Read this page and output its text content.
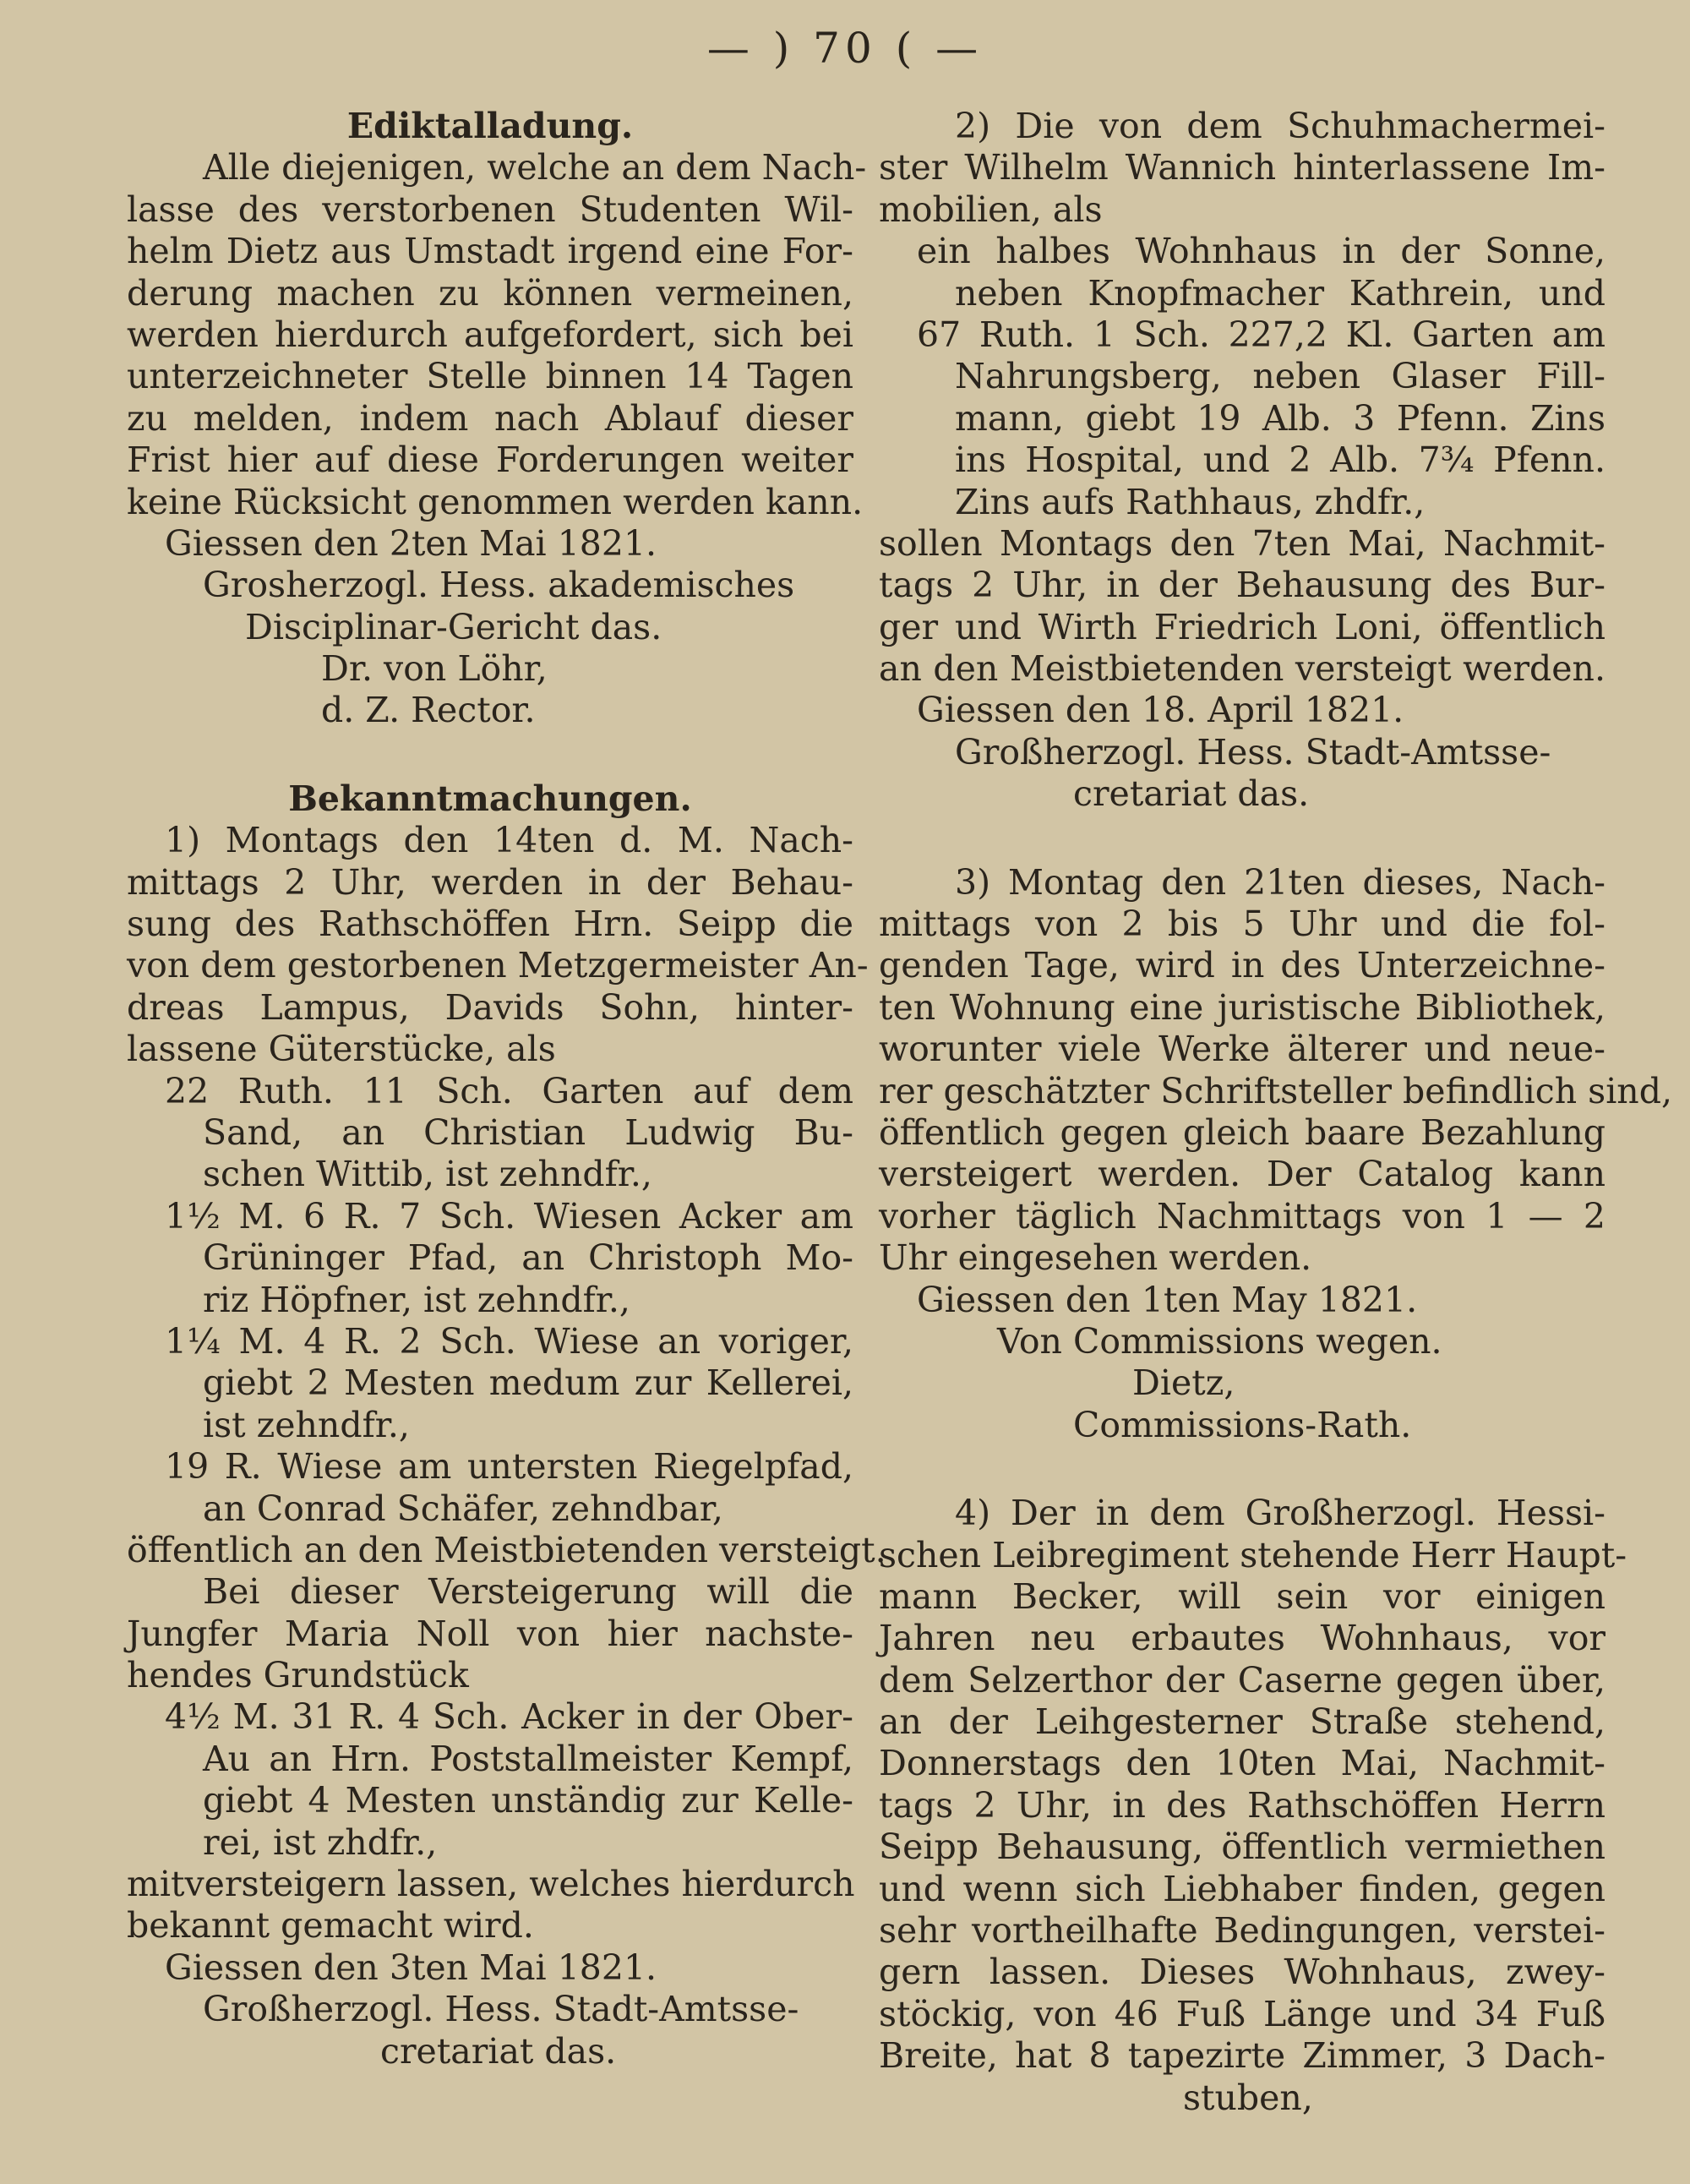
— ) 70 ( —
Ediktalladung.
Alle diejenigen, welche an dem Nach-
lasse des verstorbenen Studenten Wil-
helm Dietz aus Umstadt irgend eine For-
derung machen zu können vermeinen,
werden hierdurch aufgefordert, sich bei
unterzeichneter Stelle binnen 14 Tagen
zu melden, indem nach Ablauf dieser
Frist hier auf diese Forderungen weiter
keine Rücksicht genommen werden kann.
Giessen den 2ten Mai 1821.
Grosherzogl. Hess. akademisches
Disciplinar-Gericht das.
Dr. von Löhr,
d. Z. Rector.
Bekanntmachungen.
1) Montags den 14ten d. M. Nach-
mittags 2 Uhr, werden in der Behau-
sung des Rathschöffen Hrn. Seipp die
von dem gestorbenen Metzgermeister An-
dreas Lampus, Davids Sohn, hinter-
lassene Güterstücke, als
22 Ruth. 11 Sch. Garten auf dem
Sand, an Christian Ludwig Bu-
schen Wittib, ist zehndfr.,
1½ M. 6 R. 7 Sch. Wiesen Acker am
Grüninger Pfad, an Christoph Mo-
riz Höpfner, ist zehndfr.,
1¼ M. 4 R. 2 Sch. Wiese an voriger,
giebt 2 Mesten medum zur Kellerei,
ist zehndfr.,
19 R. Wiese am untersten Riegelpfad,
an Conrad Schäfer, zehndbar,
öffentlich an den Meistbietenden versteigt.
Bei dieser Versteigerung will die
Jungfer Maria Noll von hier nachste-
hendes Grundstück
4½ M. 31 R. 4 Sch. Acker in der Ober-
Au an Hrn. Poststallmeister Kempf,
giebt 4 Mesten unständig zur Kelle-
rei, ist zhdfr.,
mitversteigern lassen, welches hierdurch
bekannt gemacht wird.
Giessen den 3ten Mai 1821.
Großherzogl. Hess. Stadt-Amtsse-
cretariat das.
2) Die von dem Schuhmachermei-
ster Wilhelm Wannich hinterlassene Im-
mobilien, als
ein halbes Wohnhaus in der Sonne,
neben Knopfmacher Kathrein, und
67 Ruth. 1 Sch. 227,2 Kl. Garten am
Nahrungsberg, neben Glaser Fill-
mann, giebt 19 Alb. 3 Pfenn. Zins
ins Hospital, und 2 Alb. 7¾ Pfenn.
Zins aufs Rathhaus, zhdfr.,
sollen Montags den 7ten Mai, Nachmit-
tags 2 Uhr, in der Behausung des Bur-
ger und Wirth Friedrich Loni, öffentlich
an den Meistbietenden versteigt werden.
Giessen den 18. April 1821.
Großherzogl. Hess. Stadt-Amtsse-
cretariat das.
3) Montag den 21ten dieses, Nach-
mittags von 2 bis 5 Uhr und die fol-
genden Tage, wird in des Unterzeichne-
ten Wohnung eine juristische Bibliothek,
worunter viele Werke älterer und neue-
rer geschätzter Schriftsteller befindlich sind,
öffentlich gegen gleich baare Bezahlung
versteigert werden. Der Catalog kann
vorher täglich Nachmittags von 1 — 2
Uhr eingesehen werden.
Giessen den 1ten May 1821.
Von Commissions wegen.
Dietz,
Commissions-Rath.
4) Der in dem Großherzogl. Hessi-
schen Leibregiment stehende Herr Haupt-
mann Becker, will sein vor einigen
Jahren neu erbautes Wohnhaus, vor
dem Selzerthor der Caserne gegen über,
an der Leihgesterner Straße stehend,
Donnerstags den 10ten Mai, Nachmit-
tags 2 Uhr, in des Rathschöffen Herrn
Seipp Behausung, öffentlich vermiethen
und wenn sich Liebhaber finden, gegen
sehr vortheilhafte Bedingungen, verstei-
gern lassen. Dieses Wohnhaus, zwey-
stöckig, von 46 Fuß Länge und 34 Fuß
Breite, hat 8 tapezirte Zimmer, 3 Dach-
stuben,
